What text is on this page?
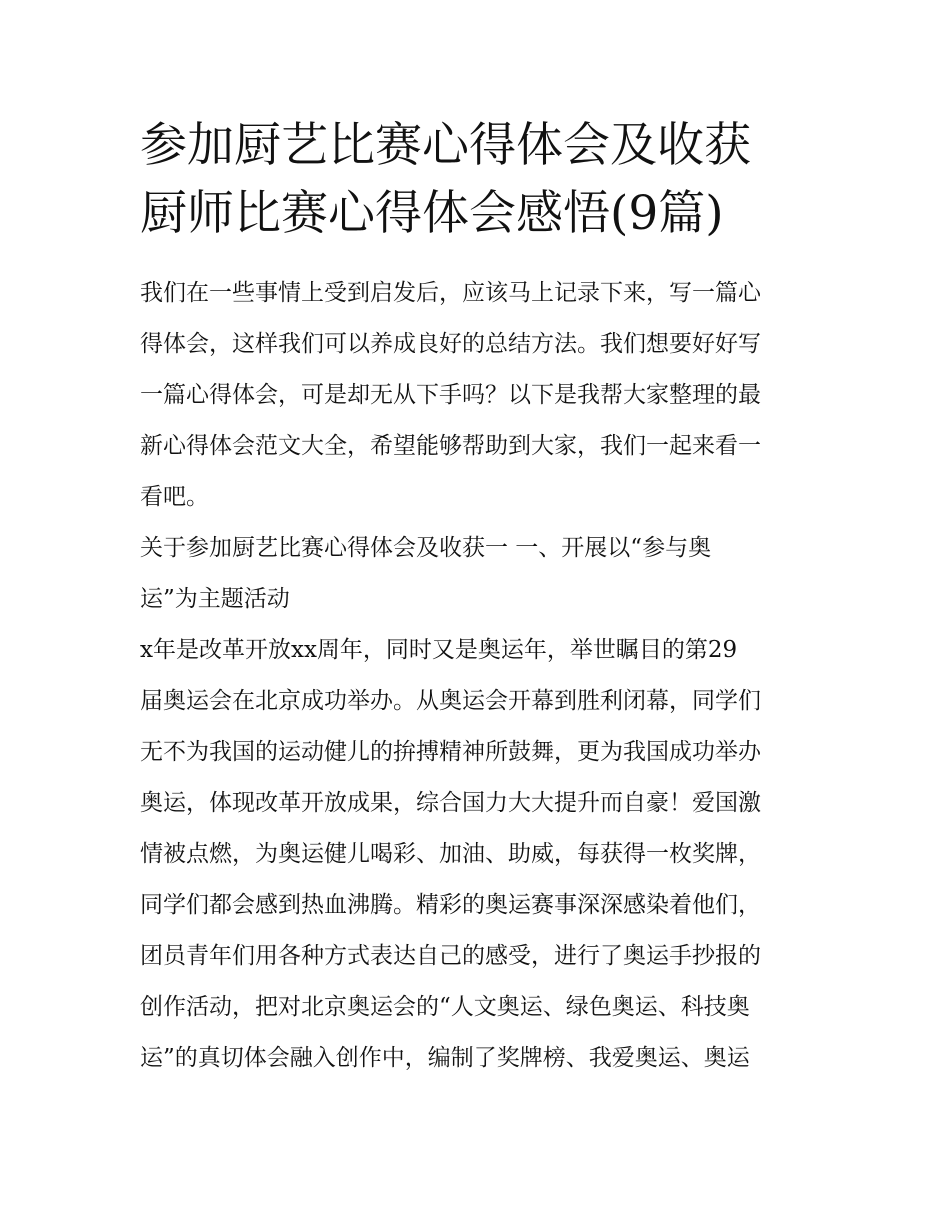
参加厨艺比赛心得体会及收获
厨师比赛心得体会感悟(9篇)

我们在一些事情上受到启发后，应该马上记录下来，写一篇心
得体会，这样我们可以养成良好的总结方法。我们想要好好写
一篇心得体会，可是却无从下手吗？以下是我帮大家整理的最
新心得体会范文大全，希望能够帮助到大家，我们一起来看一
看吧。

关于参加厨艺比赛心得体会及收获一 一、开展以“参与奥
运”为主题活动

x年是改革开放xx周年，同时又是奥运年，举世瞩目的第29
届奥运会在北京成功举办。从奥运会开幕到胜利闭幕，同学们
无不为我国的运动健儿的拚搏精神所鼓舞，更为我国成功举办
奥运，体现改革开放成果，综合国力大大提升而自豪！爱国激
情被点燃，为奥运健儿喝彩、加油、助威，每获得一枚奖牌，
同学们都会感到热血沸腾。精彩的奥运赛事深深感染着他们，
团员青年们用各种方式表达自己的感受，进行了奥运手抄报的
创作活动，把对北京奥运会的“人文奥运、绿色奥运、科技奥
运”的真切体会融入创作中，编制了奖牌榜、我爱奥运、奥运
